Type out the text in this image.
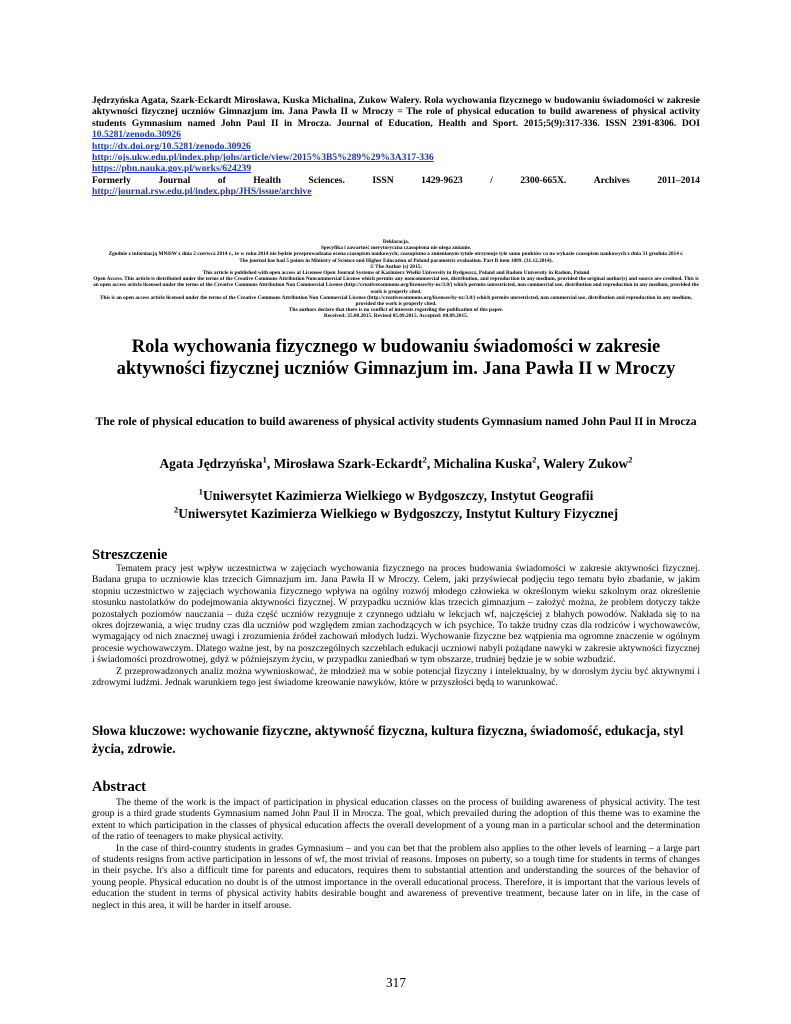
Jędrzyńska Agata, Szark-Eckardt Mirosława, Kuska Michalina, Zukow Walery. Rola wychowania fizycznego w budowaniu świadomości w zakresie aktywności fizycznej uczniów Gimnazjum im. Jana Pawła II w Mroczy = The role of physical education to build awareness of physical activity students Gymnasium named John Paul II in Mrocza. Journal of Education, Health and Sport. 2015;5(9):317-336. ISSN 2391-8306. DOI 10.5281/zenodo.30926
http://dx.doi.org/10.5281/zenodo.30926
http://ojs.ukw.edu.pl/index.php/johs/article/view/2015%3B5%289%29%3A317-336
https://pbn.nauka.gov.pl/works/624239
Formerly	Journal	of	Health	Sciences.	ISSN	1429-9623	/	2300-665X.	Archives	2011–2014
http://journal.rsw.edu.pl/index.php/JHS/issue/archive
Deklaracja.
Specyfika i zawartość merytoryczna czasopisma nie ulega zmianie.
Zgodnie z informacją MNiSW z dnia 2 czerwca 2014 r., że w roku 2014 nie będzie przeprowadzana ocena czasopism naukowych; czasopismo o zmienionym tytule otrzymuje tyle samo punktów co na wykazie czasopism naukowych z dnia 31 grudnia 2014 r.
The journal has had 5 points in Ministry of Science and Higher Education of Poland parametric evaluation. Part B item 1089. (31.12.2014).
© The Author (s) 2015;
This article is published with open access at Licensee Open Journal Systems of Kazimierz Wielki University in Bydgoszcz, Poland and Radom University in Radom, Poland
Open Access. This article is distributed under the terms of the Creative Commons Attribution Noncommercial License which permits any noncommercial use, distribution, and reproduction in any medium, provided the original author(s) and source are credited. This is an open access article licensed under the terms of the Creative Commons Attribution Non Commercial License (http://creativecommons.org/licenses/by-nc/3.0/) which permits unrestricted, non commercial use, distribution and reproduction in any medium, provided the work is properly cited.
This is an open access article licensed under the terms of the Creative Commons Attribution Non Commercial License (http://creativecommons.org/licenses/by-nc/3.0/) which permits unrestricted, non commercial use, distribution and reproduction in any medium, provided the work is properly cited.
The authors declare that there is no conflict of interests regarding the publication of this paper.
Received: 25.08.2015. Revised 05.09.2015. Accepted: 08.09.2015.
Rola wychowania fizycznego w budowaniu świadomości w zakresie aktywności fizycznej uczniów Gimnazjum im. Jana Pawła II w Mroczy
The role of physical education to build awareness of physical activity students Gymnasium named John Paul II in Mrocza
Agata Jędrzyńska$^1$, Mirosława Szark-Eckardt$^2$, Michalina Kuska$^2$, Walery Zukow$^2$
$^1$Uniwersytet Kazimierza Wielkiego w Bydgoszczy, Instytut Geografii
$^2$Uniwersytet Kazimierza Wielkiego w Bydgoszczy, Instytut Kultury Fizycznej
Streszczenie

Tematem pracy jest wpływ uczestnictwa w zajęciach wychowania fizycznego na proces budowania świadomości w zakresie aktywności fizycznej. Badana grupa to uczniowie klas trzecich Gimnazjum im. Jana Pawła II w Mroczy. Celem, jaki przyświecał podjęciu tego tematu było zbadanie, w jakim stopniu uczestnictwo w zajęciach wychowania fizycznego wpływa na ogólny rozwój młodego człowieka w określonym wieku szkolnym oraz określenie stosunku nastolatków do podejmowania aktywności fizycznej. W przypadku uczniów klas trzecich gimnazjum – założyć można, że problem dotyczy także pozostałych poziomów nauczania – duża część uczniów rezygnuje z czynnego udziału w lekcjach wf, najczęściej z błahych powodów. Nakłada się to na okres dojrzewania, a więc trudny czas dla uczniów pod względem zmian zachodzących w ich psychice. To także trudny czas dla rodziców i wychowawców, wymagający od nich znacznej uwagi i zrozumienia źródeł zachowań młodych ludzi. Wychowanie fizyczne bez wątpienia ma ogromne znaczenie w ogólnym procesie wychowawczym. Dlatego ważne jest, by na poszczególnych szczeblach edukacji uczniowi nabyli pożądane nawyki w zakresie aktywności fizycznej i świadomości prozdrowotnej, gdyż w późniejszym życiu, w przypadku zaniedbań w tym obszarze, trudniej będzie je w sobie wzbudzić.

Z przeprowadzonych analiz można wywnioskować, że młodzież ma w sobie potencjał fizyczny i intelektualny, by w dorosłym życiu być aktywnymi i zdrowymi ludźmi. Jednak warunkiem tego jest świadome kreowanie nawyków, które w przyszłości będą to warunkować.

Słowa kluczowe: wychowanie fizyczne, aktywność fizyczna, kultura fizyczna, świadomość, edukacja, styl życia, zdrowie.
Abstract

The theme of the work is the impact of participation in physical education classes on the process of building awareness of physical activity. The test group is a third grade students Gymnasium named John Paul II in Mrocza. The goal, which prevailed during the adoption of this theme was to examine the extent to which participation in the classes of physical education affects the overall development of a young man in a particular school and the determination of the ratio of teenagers to make physical activity.

In the case of third-country students in grades Gymnasium – and you can bet that the problem also applies to the other levels of learning – a large part of students resigns from active participation in lessons of wf, the most trivial of reasons. Imposes on puberty, so a tough time for students in terms of changes in their psyche. It's also a difficult time for parents and educators, requires them to substantial attention and understanding the sources of the behavior of young people. Physical education no doubt is of the utmost importance in the overall educational process. Therefore, it is important that the various levels of education the student in terms of physical activity habits desirable bought and awareness of preventive treatment, because later on in life, in the case of neglect in this area, it will be harder in itself arouse.

317
